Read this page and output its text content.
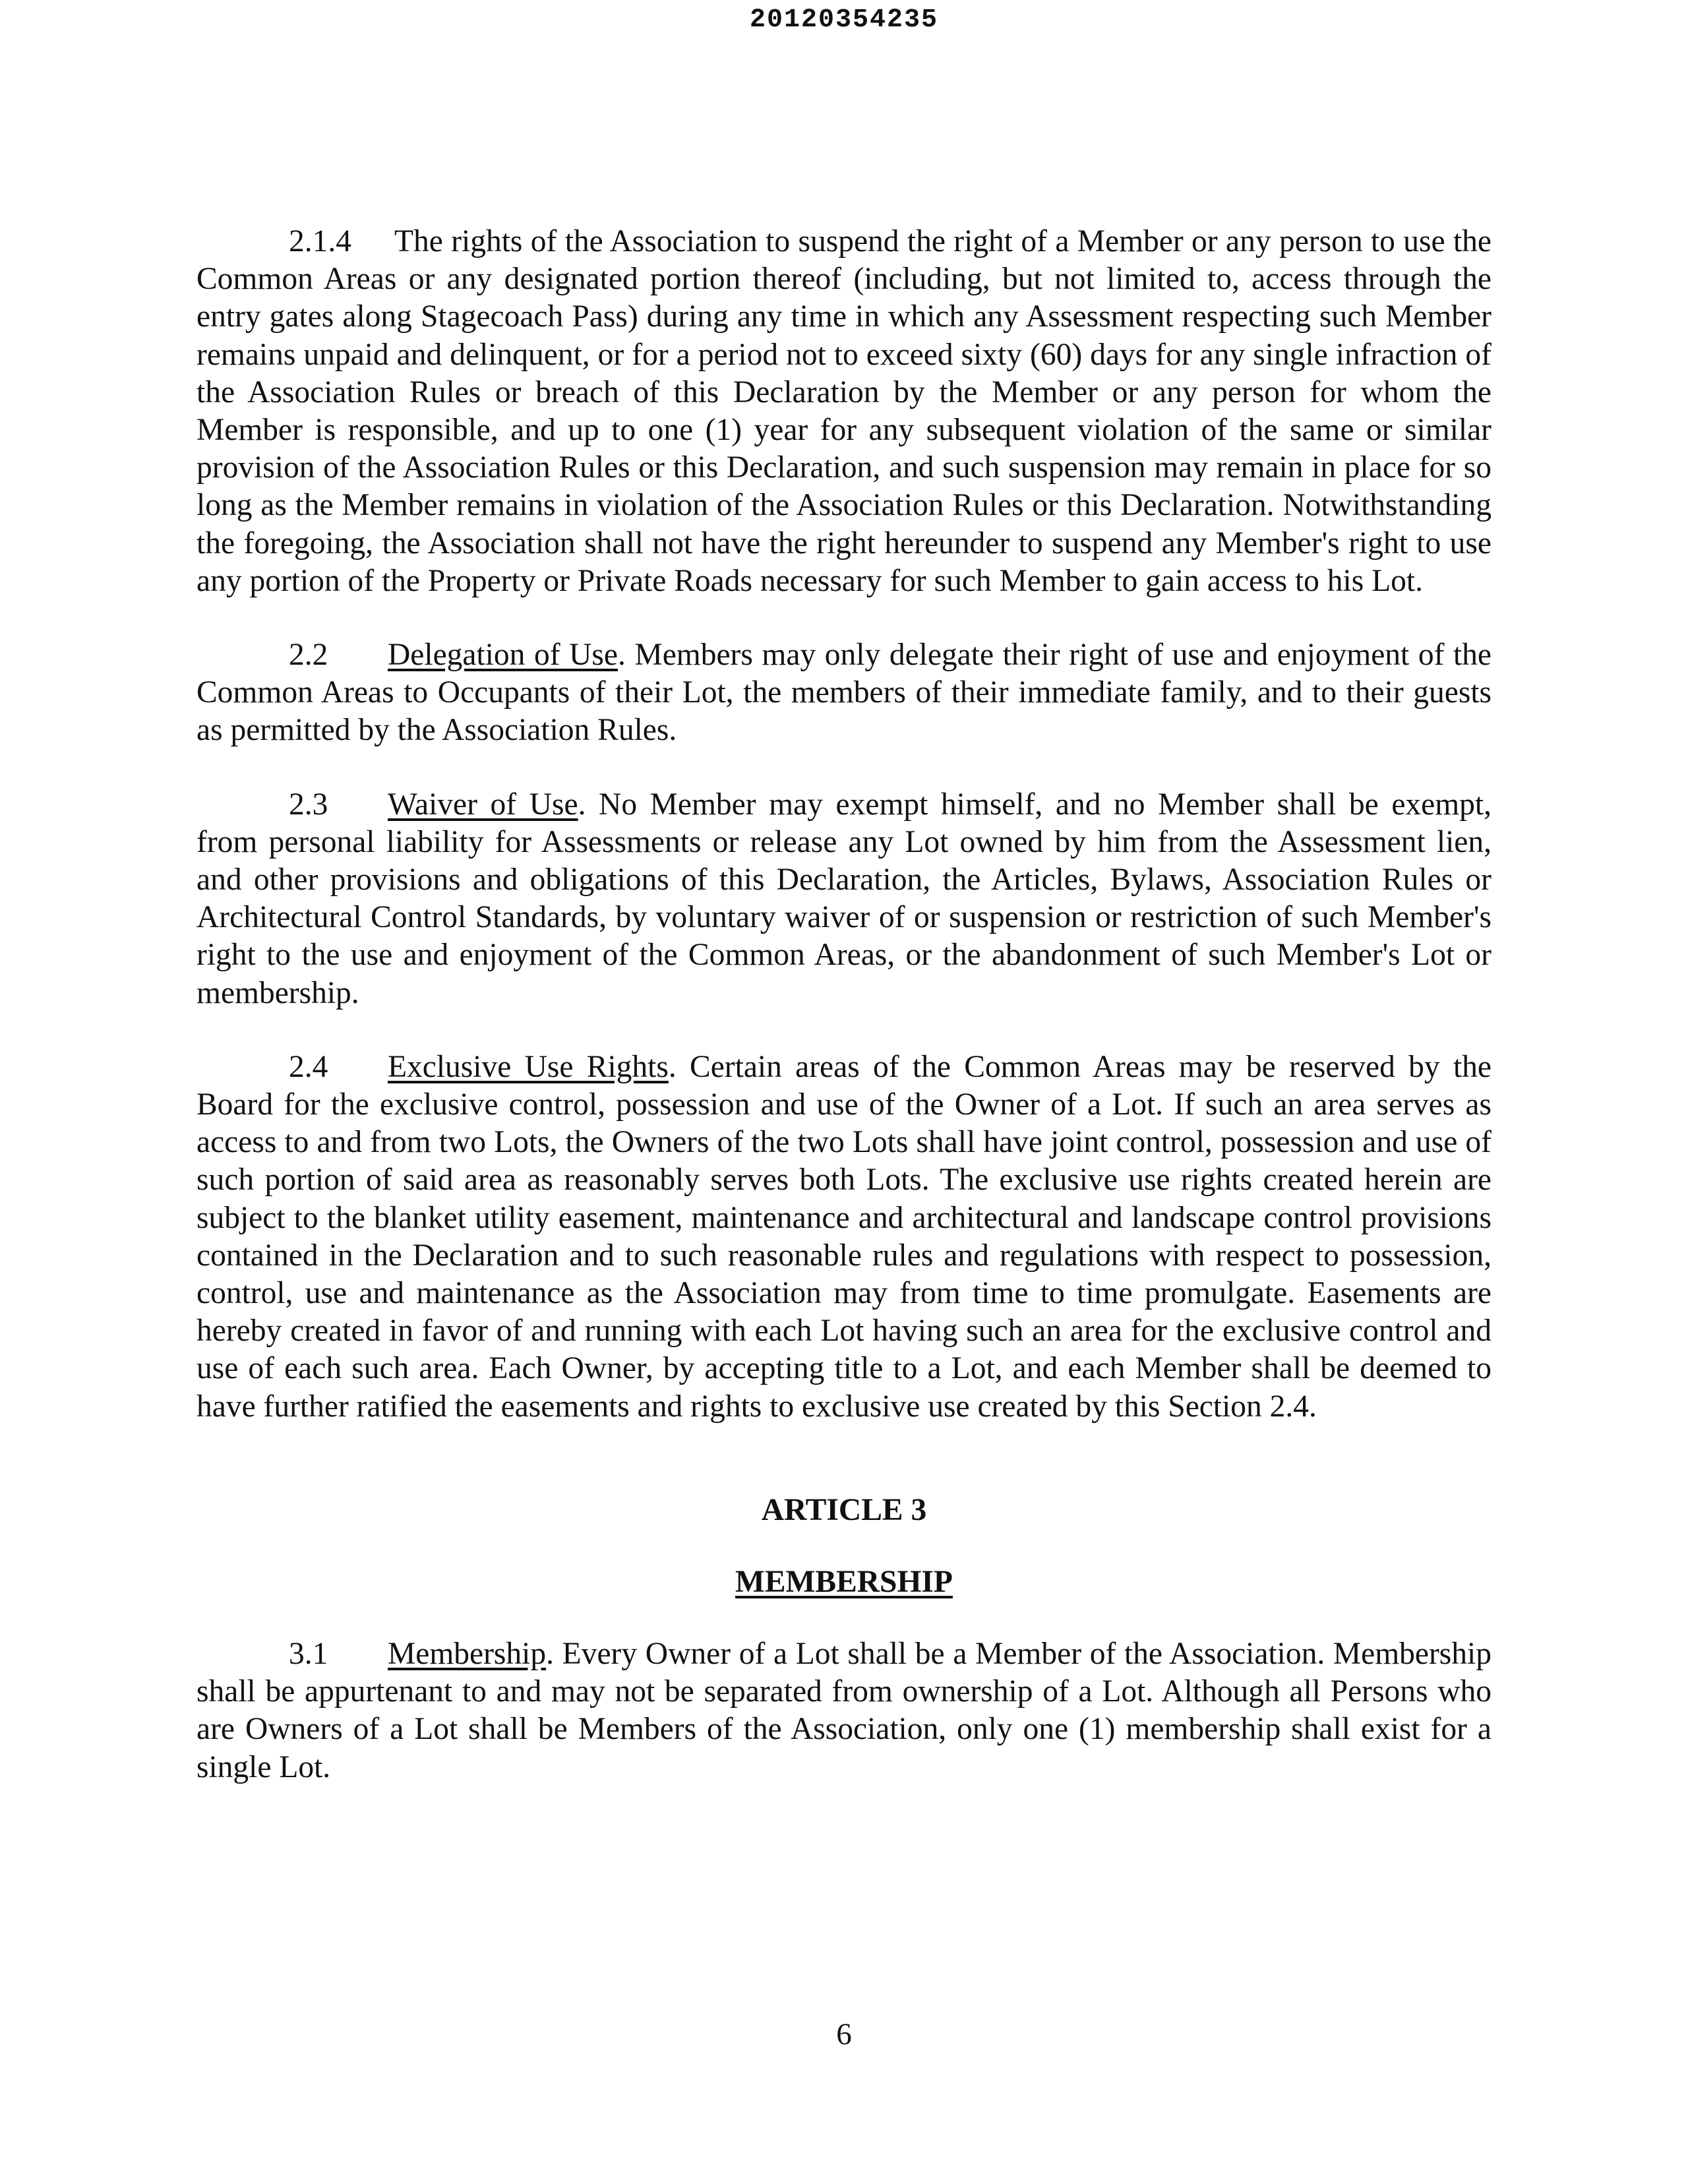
20120354235

2.1.4 The rights of the Association to suspend the right of a Member or any person to use the Common Areas or any designated portion thereof (including, but not limited to, access through the entry gates along Stagecoach Pass) during any time in which any Assessment respecting such Member remains unpaid and delinquent, or for a period not to exceed sixty (60) days for any single infraction of the Association Rules or breach of this Declaration by the Member or any person for whom the Member is responsible, and up to one (1) year for any subsequent violation of the same or similar provision of the Association Rules or this Declaration, and such suspension may remain in place for so long as the Member remains in violation of the Association Rules or this Declaration. Notwithstanding the foregoing, the Association shall not have the right hereunder to suspend any Member's right to use any portion of the Property or Private Roads necessary for such Member to gain access to his Lot.

2.2 Delegation of Use. Members may only delegate their right of use and enjoyment of the Common Areas to Occupants of their Lot, the members of their immediate family, and to their guests as permitted by the Association Rules.

2.3 Waiver of Use. No Member may exempt himself, and no Member shall be exempt, from personal liability for Assessments or release any Lot owned by him from the Assessment lien, and other provisions and obligations of this Declaration, the Articles, Bylaws, Association Rules or Architectural Control Standards, by voluntary waiver of or suspension or restriction of such Member's right to the use and enjoyment of the Common Areas, or the abandonment of such Member's Lot or membership.

2.4 Exclusive Use Rights. Certain areas of the Common Areas may be reserved by the Board for the exclusive control, possession and use of the Owner of a Lot. If such an area serves as access to and from two Lots, the Owners of the two Lots shall have joint control, possession and use of such portion of said area as reasonably serves both Lots. The exclusive use rights created herein are subject to the blanket utility easement, maintenance and architectural and landscape control provisions contained in the Declaration and to such reasonable rules and regulations with respect to possession, control, use and maintenance as the Association may from time to time promulgate. Easements are hereby created in favor of and running with each Lot having such an area for the exclusive control and use of each such area. Each Owner, by accepting title to a Lot, and each Member shall be deemed to have further ratified the easements and rights to exclusive use created by this Section 2.4.

ARTICLE 3
MEMBERSHIP

3.1 Membership. Every Owner of a Lot shall be a Member of the Association. Membership shall be appurtenant to and may not be separated from ownership of a Lot. Although all Persons who are Owners of a Lot shall be Members of the Association, only one (1) membership shall exist for a single Lot.

6
